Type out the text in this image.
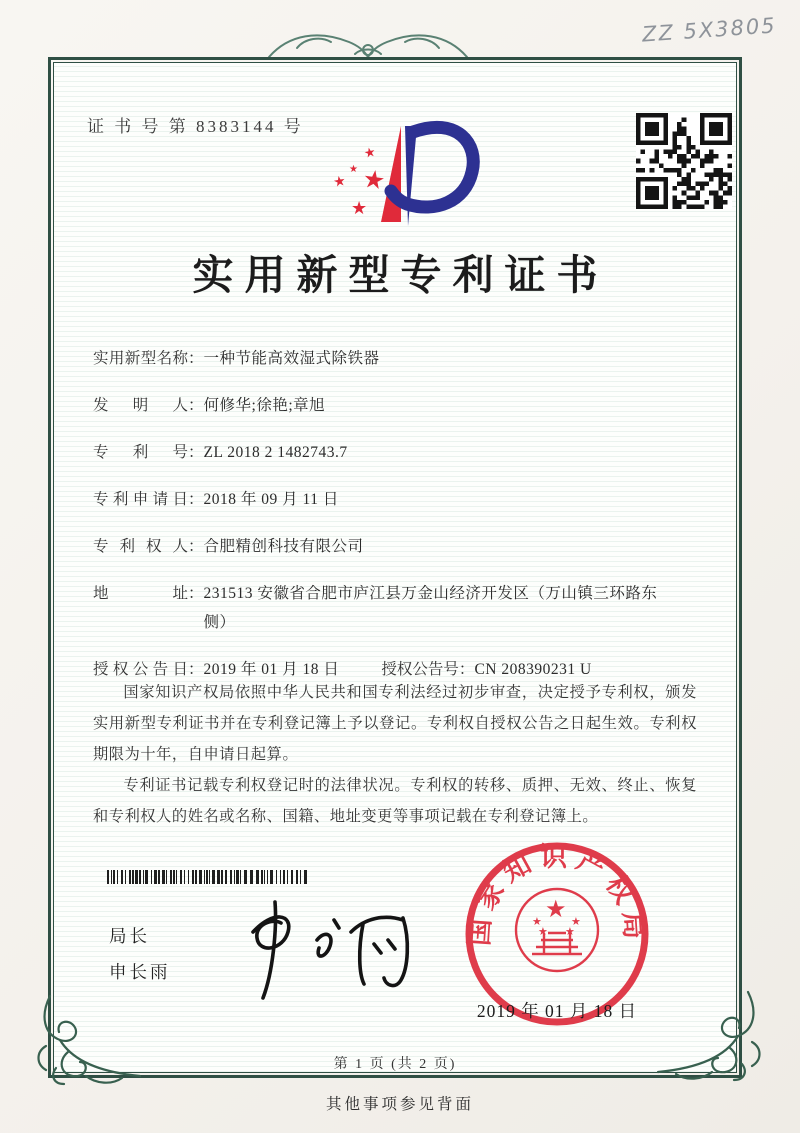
ZZ 5X3805
证 书 号 第 8383144 号
★
★ ★
★
★
实用新型专利证书
实用新型名称 ： 一种节能高效湿式除铁器
发明人 ： 何修华;徐艳;章旭
专利号 ： ZL 2018 2 1482743.7
专利申请日 ： 2018 年 09 月 11 日
专利权人 ： 合肥精创科技有限公司
地址 ： 231513 安徽省合肥市庐江县万金山经济开发区（万山镇三环路东侧）
授权公告日 ： 2019 年 01 月 18 日	授权公告号 ： CN 208390231 U

国家知识产权局依照中华人民共和国专利法经过初步审查，决定授予专利权，颁发实用新型专利证书并在专利登记簿上予以登记。专利权自授权公告之日起生效。专利权期限为十年，自申请日起算。

专利证书记载专利权登记时的法律状况。专利权的转移、质押、无效、终止、恢复和专利权人的姓名或名称、国籍、地址变更等事项记载在专利登记簿上。

局长
申长雨
国家知识产权局
★
★	★
★ ★
2019 年 01 月 18 日
第 1 页 (共 2 页)
其他事项参见背面
